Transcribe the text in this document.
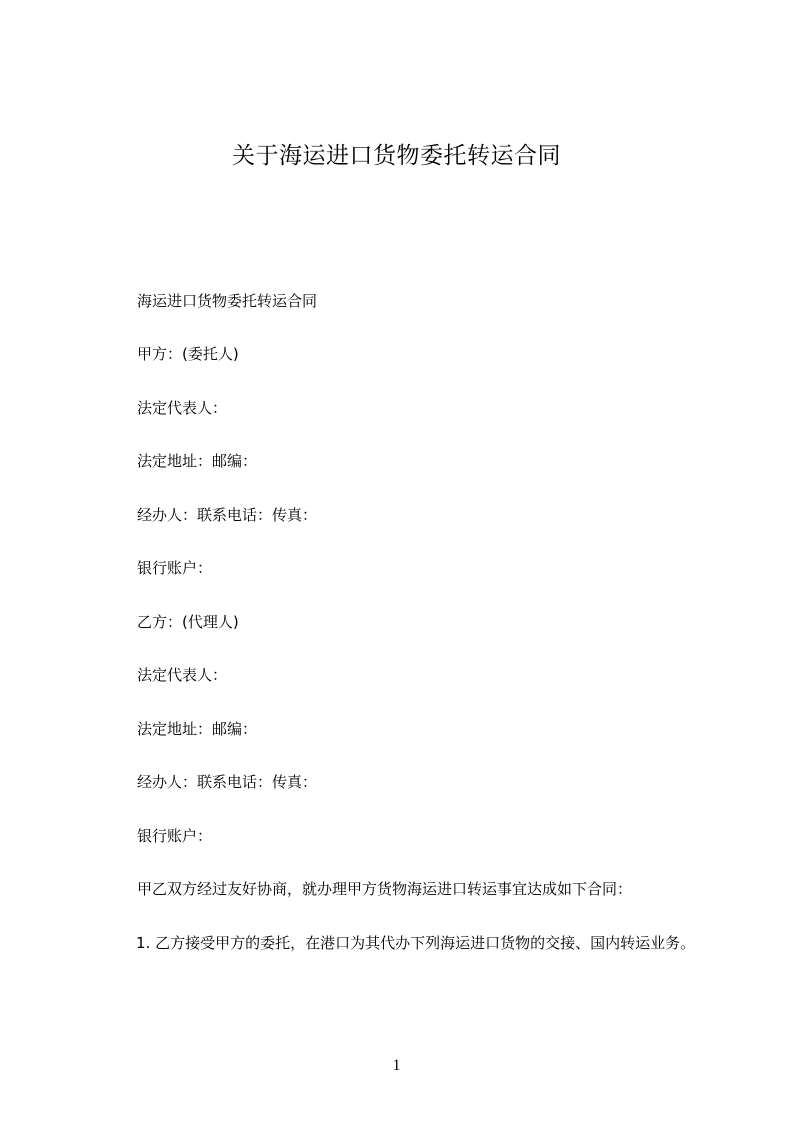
关于海运进口货物委托转运合同

海运进口货物委托转运合同

甲方：(委托人)

法定代表人：

法定地址：邮编：

经办人：联系电话：传真：

银行账户：

乙方：(代理人)

法定代表人：

法定地址：邮编：

经办人：联系电话：传真：

银行账户：

甲乙双方经过友好协商，就办理甲方货物海运进口转运事宜达成如下合同：

1. 乙方接受甲方的委托，在港口为其代办下列海运进口货物的交接、国内转运业务。

1
